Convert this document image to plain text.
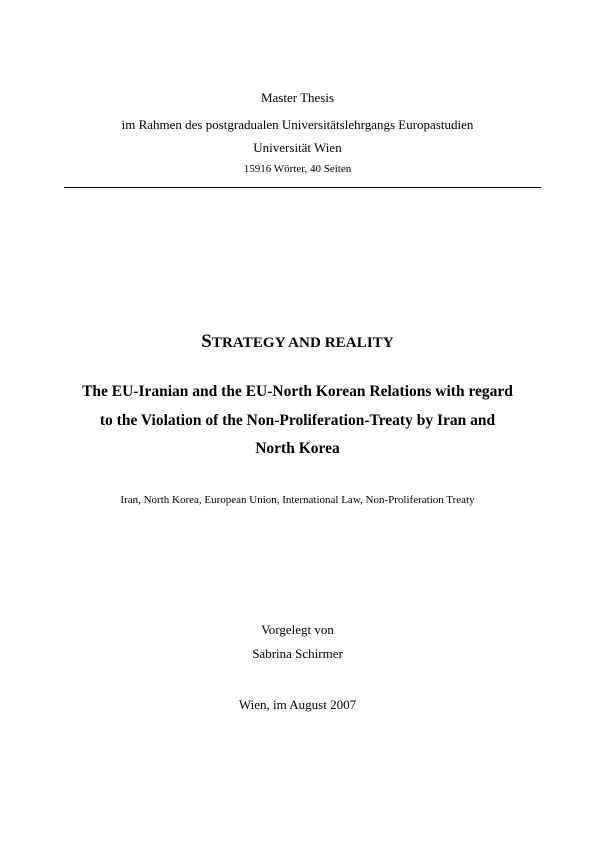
Master Thesis
im Rahmen des postgradualen Universitätslehrgangs Europastudien
Universität Wien
15916 Wörter, 40 Seiten
STRATEGY AND REALITY
The EU-Iranian and the EU-North Korean Relations with regard
to the Violation of the Non-Proliferation-Treaty by Iran and
North Korea
Iran, North Korea, European Union, International Law, Non-Proliferation Treaty
Vorgelegt von
Sabrina Schirmer
Wien, im August 2007
